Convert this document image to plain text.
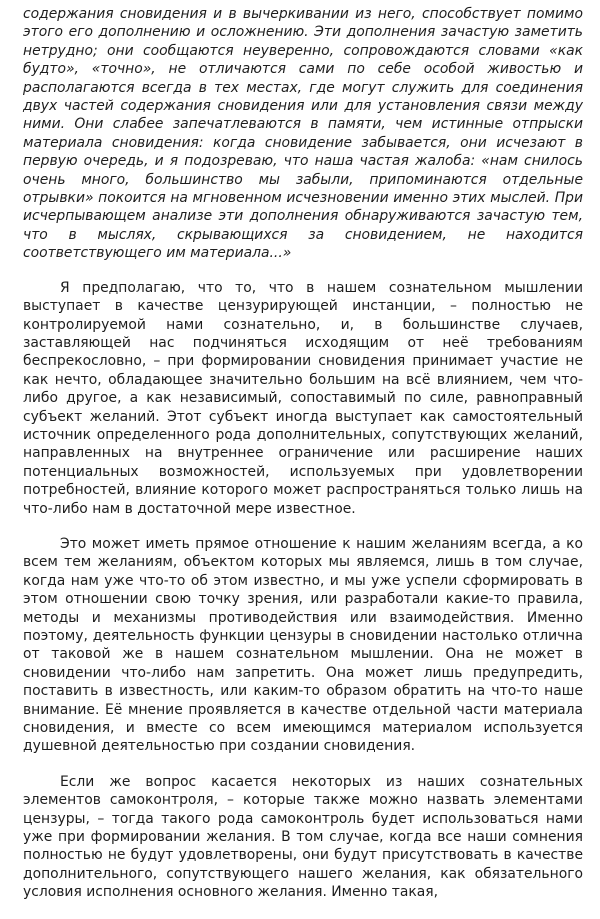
содержания сновидения и в вычеркивании из него, способствует помимо этого его дополнению и осложнению. Эти дополнения зачастую заметить нетрудно; они сообщаются неуверенно, сопровождаются словами «как будто», «точно», не отличаются сами по себе особой живостью и располагаются всегда в тех местах, где могут служить для соединения двух частей содержания сновидения или для установления связи между ними. Они слабее запечатлеваются в памяти, чем истинные отпрыски материала сновидения: когда сновидение забывается, они исчезают в первую очередь, и я подозреваю, что наша частая жалоба: «нам снилось очень много, большинство мы забыли, припоминаются отдельные отрывки» покоится на мгновенном исчезновении именно этих мыслей. При исчерпывающем анализе эти дополнения обнаруживаются зачастую тем, что в мыслях, скрывающихся за сновидением, не находится соответствующего им материала...»

Я предполагаю, что то, что в нашем сознательном мышлении выступает в качестве цензурирующей инстанции, – полностью не контролируемой нами сознательно, и, в большинстве случаев, заставляющей нас подчиняться исходящим от неё требованиям беспрекословно, – при формировании сновидения принимает участие не как нечто, обладающее значительно большим на всё влиянием, чем что-либо другое, а как независимый, сопоставимый по силе, равноправный субъект желаний. Этот субъект иногда выступает как самостоятельный источник определенного рода дополнительных, сопутствующих желаний, направленных на внутреннее ограничение или расширение наших потенциальных возможностей, используемых при удовлетворении потребностей, влияние которого может распространяться только лишь на что-либо нам в достаточной мере известное.

Это может иметь прямое отношение к нашим желаниям всегда, а ко всем тем желаниям, объектом которых мы являемся, лишь в том случае, когда нам уже что-то об этом известно, и мы уже успели сформировать в этом отношении свою точку зрения, или разработали какие-то правила, методы и механизмы противодействия или взаимодействия. Именно поэтому, деятельность функции цензуры в сновидении настолько отлична от таковой же в нашем сознательном мышлении. Она не может в сновидении что-либо нам запретить. Она может лишь предупредить, поставить в известность, или каким-то образом обратить на что-то наше внимание. Её мнение проявляется в качестве отдельной части материала сновидения, и вместе со всем имеющимся материалом используется душевной деятельностью при создании сновидения.

Если же вопрос касается некоторых из наших сознательных элементов самоконтроля, – которые также можно назвать элементами цензуры, – тогда такого рода самоконтроль будет использоваться нами уже при формировании желания. В том случае, когда все наши сомнения полностью не будут удовлетворены, они будут присутствовать в качестве дополнительного, сопутствующего нашего желания, как обязательного условия исполнения основного желания. Именно такая,
